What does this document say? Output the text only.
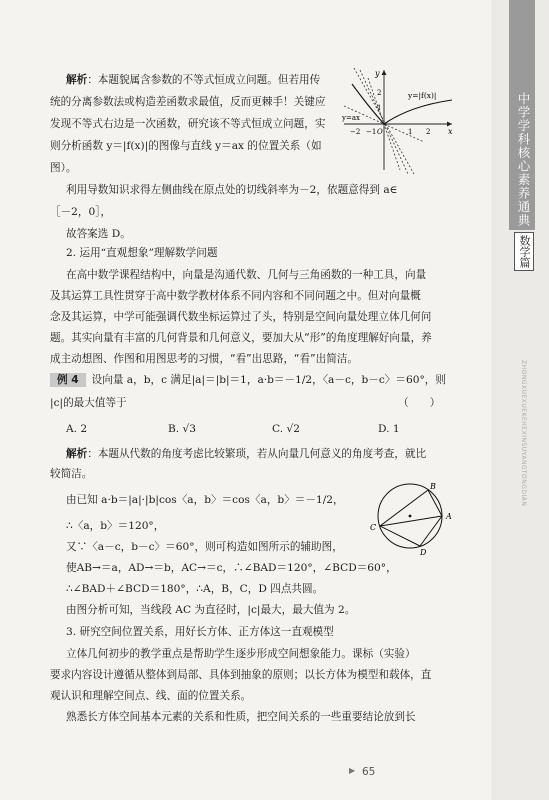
中学学科核心素养通典
数学篇
ZHONGXUEXUEKEHEXINSUYANGTONGDIAN
解析：本题貌属含参数的不等式恒成立问题。但若用传
统的分离参数法或构造差函数求最值，反而更棘手！关键应
发现不等式右边是一次函数，研究该不等式恒成立问题，实
则分析函数 y＝|f(x)|的图像与直线 y＝ax 的位置关系（如
图）。
y
x
y=|f(x)|
y=ax
2
1
−2 −1 O	1 2
利用导数知识求得左侧曲线在原点处的切线斜率为－2，依题意得到 a∈
［－2，0］，
故答案选 D。
2. 运用“直观想象”理解数学问题
在高中数学课程结构中，向量是沟通代数、几何与三角函数的一种工具，向量
及其运算工具性贯穿于高中数学教材体系不同内容和不同问题之中。但对向量概
念及其运算，中学可能强调代数坐标运算过了头，特别是空间向量处理立体几何问
题。其实向量有丰富的几何背景和几何意义，要加大从“形”的角度理解好向量，养
成主动想图、作图和用图思考的习惯，“看”出思路，“看”出简洁。
例 4 设向量 a，b，c 满足|a|＝|b|＝1，a·b＝－1/2，〈a－c，b－c〉＝60°，则
|c|的最大值等于	（　　）
A. 2	B. √3	C. √2	D. 1
解析：本题从代数的角度考虑比较繁琐，若从向量几何意义的角度考查，就比
较简洁。
由已知 a·b＝|a|·|b|cos〈a，b〉＝cos〈a，b〉＝－1/2，
∴〈a，b〉＝120°，
又∵〈a－c，b－c〉＝60°，则可构造如图所示的辅助图，
使AB→＝a，AD→＝b，AC→＝c，∴∠BAD＝120°，∠BCD＝60°，
∴∠BAD＋∠BCD＝180°，∴A，B，C，D 四点共圆。
由图分析可知，当线段 AC 为直径时，|c|最大，最大值为 2。
A
B
C
D
3. 研究空间位置关系，用好长方体、正方体这一直观模型
立体几何初步的教学重点是帮助学生逐步形成空间想象能力。课标（实验）
要求内容设计遵循从整体到局部、具体到抽象的原则；以长方体为模型和载体，直
观认识和理解空间点、线、面的位置关系。
熟悉长方体空间基本元素的关系和性质，把空间关系的一些重要结论放到长
▶ 65
